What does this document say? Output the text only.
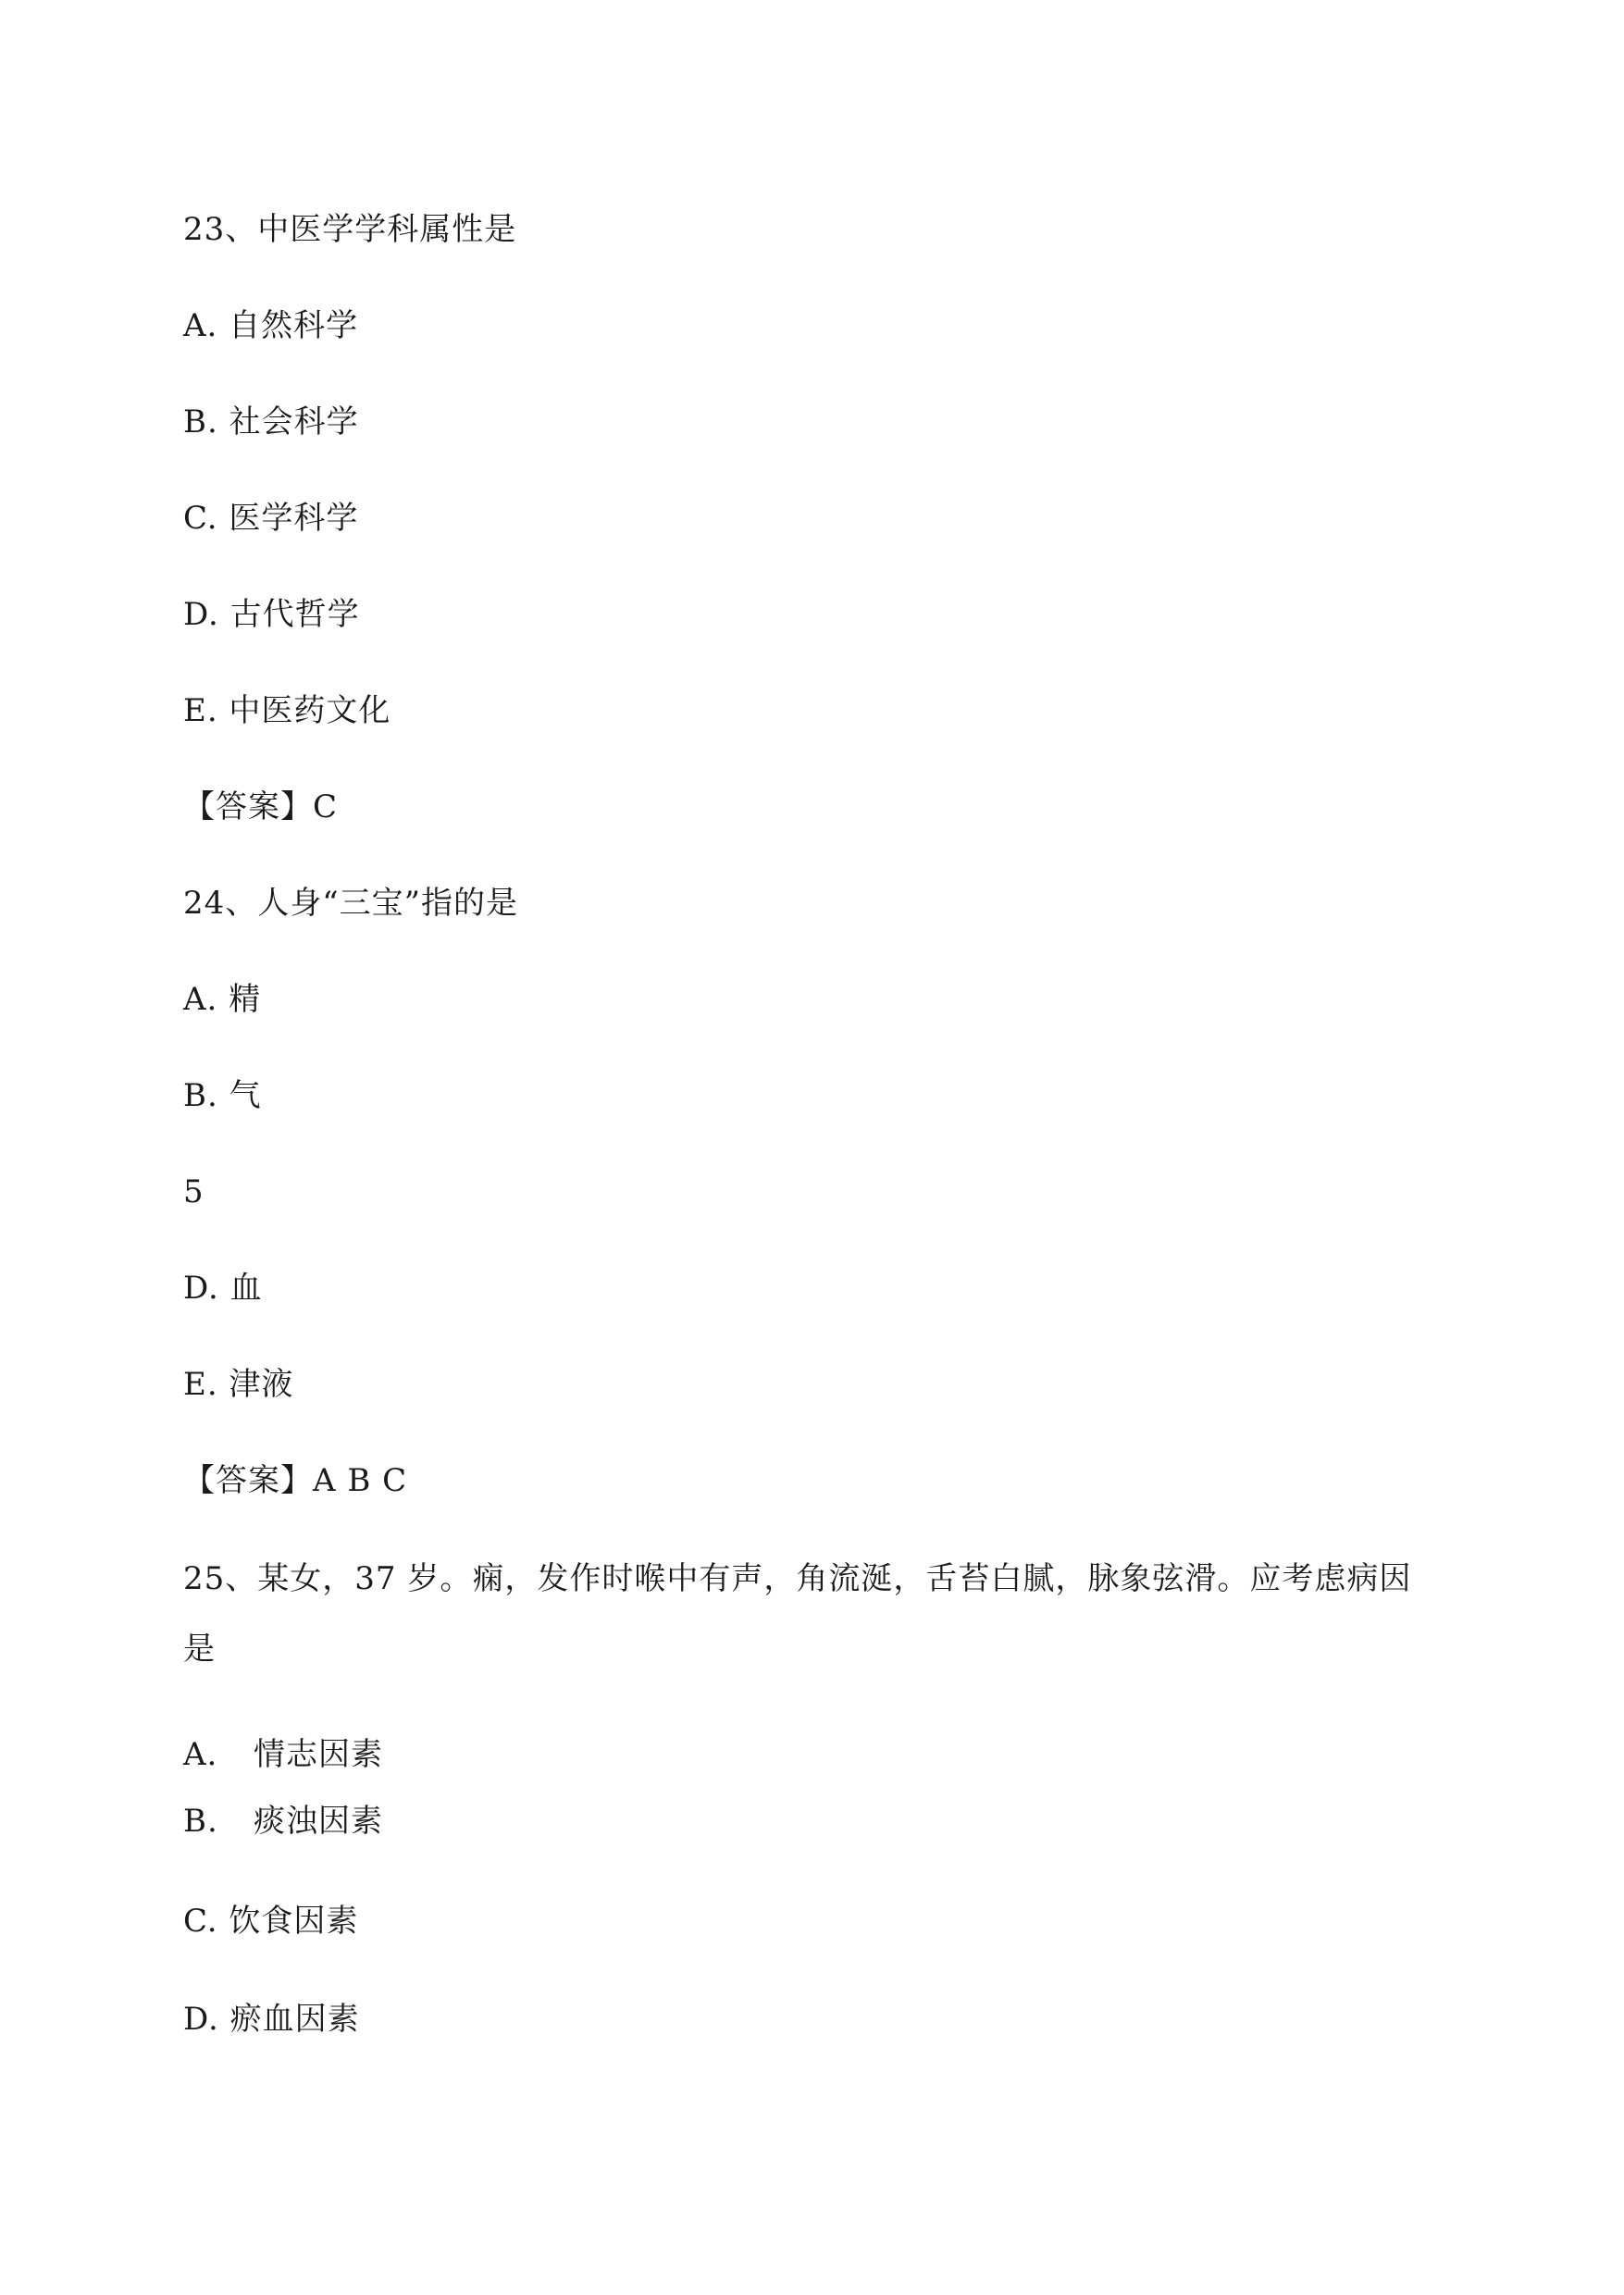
23、中医学学科属性是
A. 自然科学
B. 社会科学
C. 医学科学
D. 古代哲学
E. 中医药文化
【答案】C
24、人身“三宝”指的是
A. 精
B. 气
5
D. 血
E. 津液
【答案】A B C
25、某女，37 岁。痫，发作时喉中有声，角流涎，舌苔白腻，脉象弦滑。应考虑病因是
A. 情志因素
B. 痰浊因素
C. 饮食因素
D. 瘀血因素
